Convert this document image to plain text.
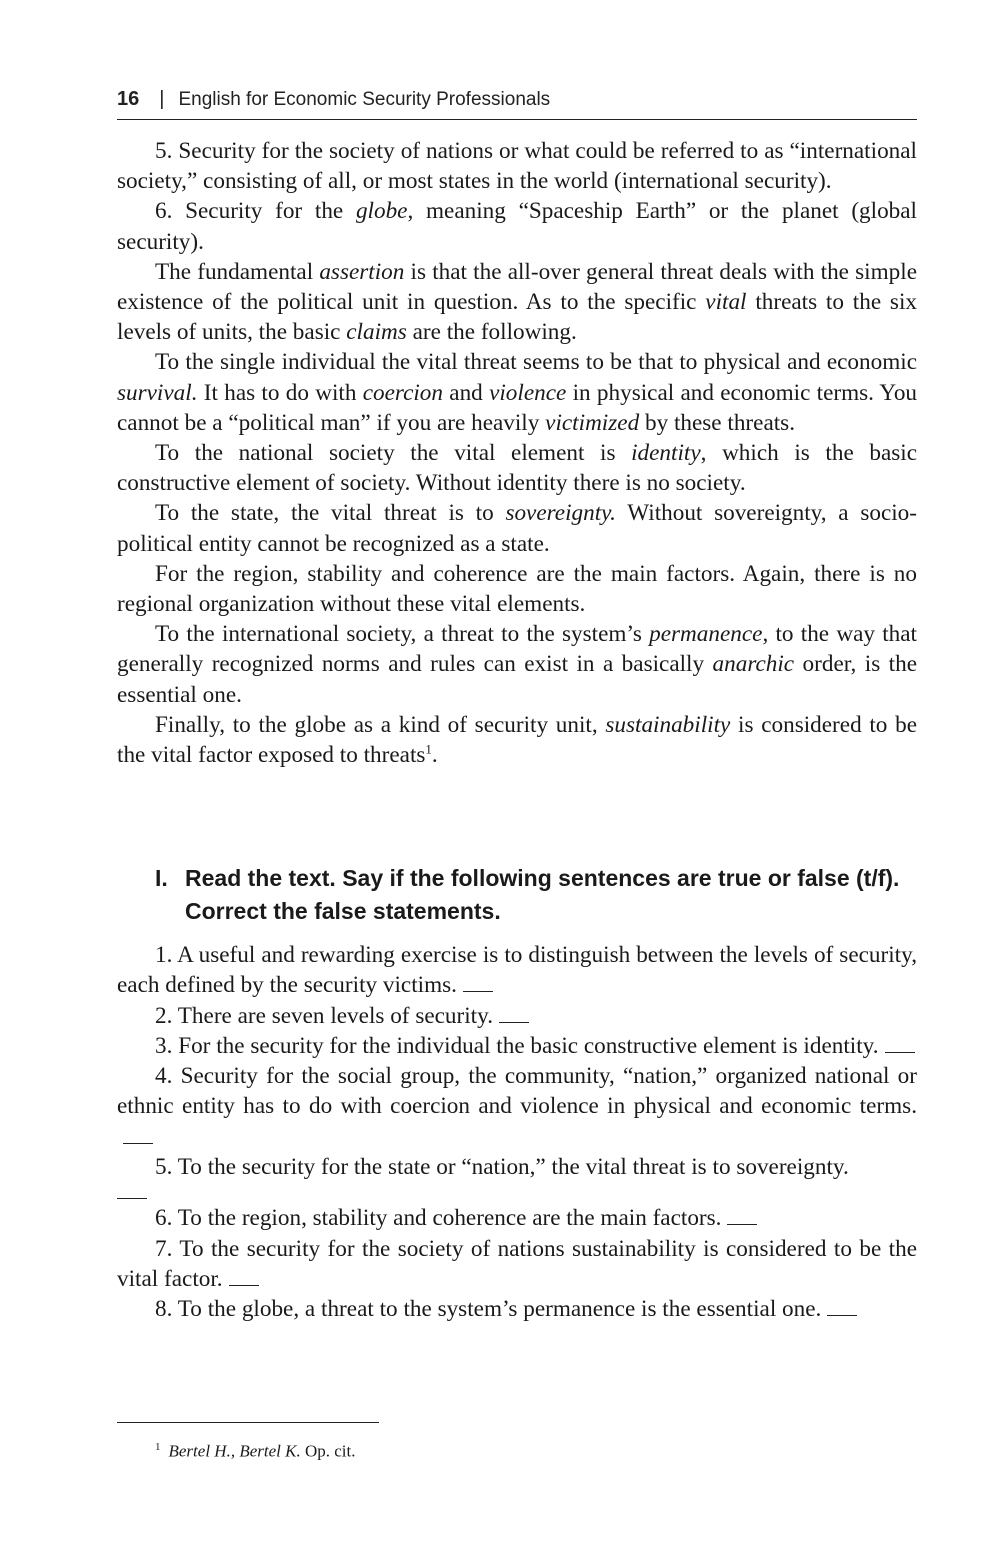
16 | English for Economic Security Professionals

5. Security for the society of nations or what could be referred to as “international society,” consisting of all, or most states in the world (international security).

6. Security for the globe, meaning “Spaceship Earth” or the planet (global security).

The fundamental assertion is that the all-over general threat deals with the simple existence of the political unit in question. As to the specific vital threats to the six levels of units, the basic claims are the following.

To the single individual the vital threat seems to be that to physical and economic survival. It has to do with coercion and violence in physical and economic terms. You cannot be a “political man” if you are heavily victimized by these threats.

To the national society the vital element is identity, which is the basic constructive element of society. Without identity there is no society.

To the state, the vital threat is to sovereignty. Without sovereignty, a socio-political entity cannot be recognized as a state.

For the region, stability and coherence are the main factors. Again, there is no regional organization without these vital elements.

To the international society, a threat to the system’s permanence, to the way that generally recognized norms and rules can exist in a basically anarchic order, is the essential one.

Finally, to the globe as a kind of security unit, sustainability is considered to be the vital factor exposed to threats$^1$.

I. Read the text. Say if the following sentences are true or false (t/f). Correct the false statements.

1. A useful and rewarding exercise is to distinguish between the levels of security, each defined by the security victims.

2. There are seven levels of security.

3. For the security for the individual the basic constructive element is identity.

4. Security for the social group, the community, “nation,” organized national or ethnic entity has to do with coercion and violence in physical and economic terms.

5. To the security for the state or “nation,” the vital threat is to sovereignty.

6. To the region, stability and coherence are the main factors.

7. To the security for the society of nations sustainability is considered to be the vital factor.

8. To the globe, a threat to the system’s permanence is the essential one.

$^1$ Bertel H., Bertel K. Op. cit.
